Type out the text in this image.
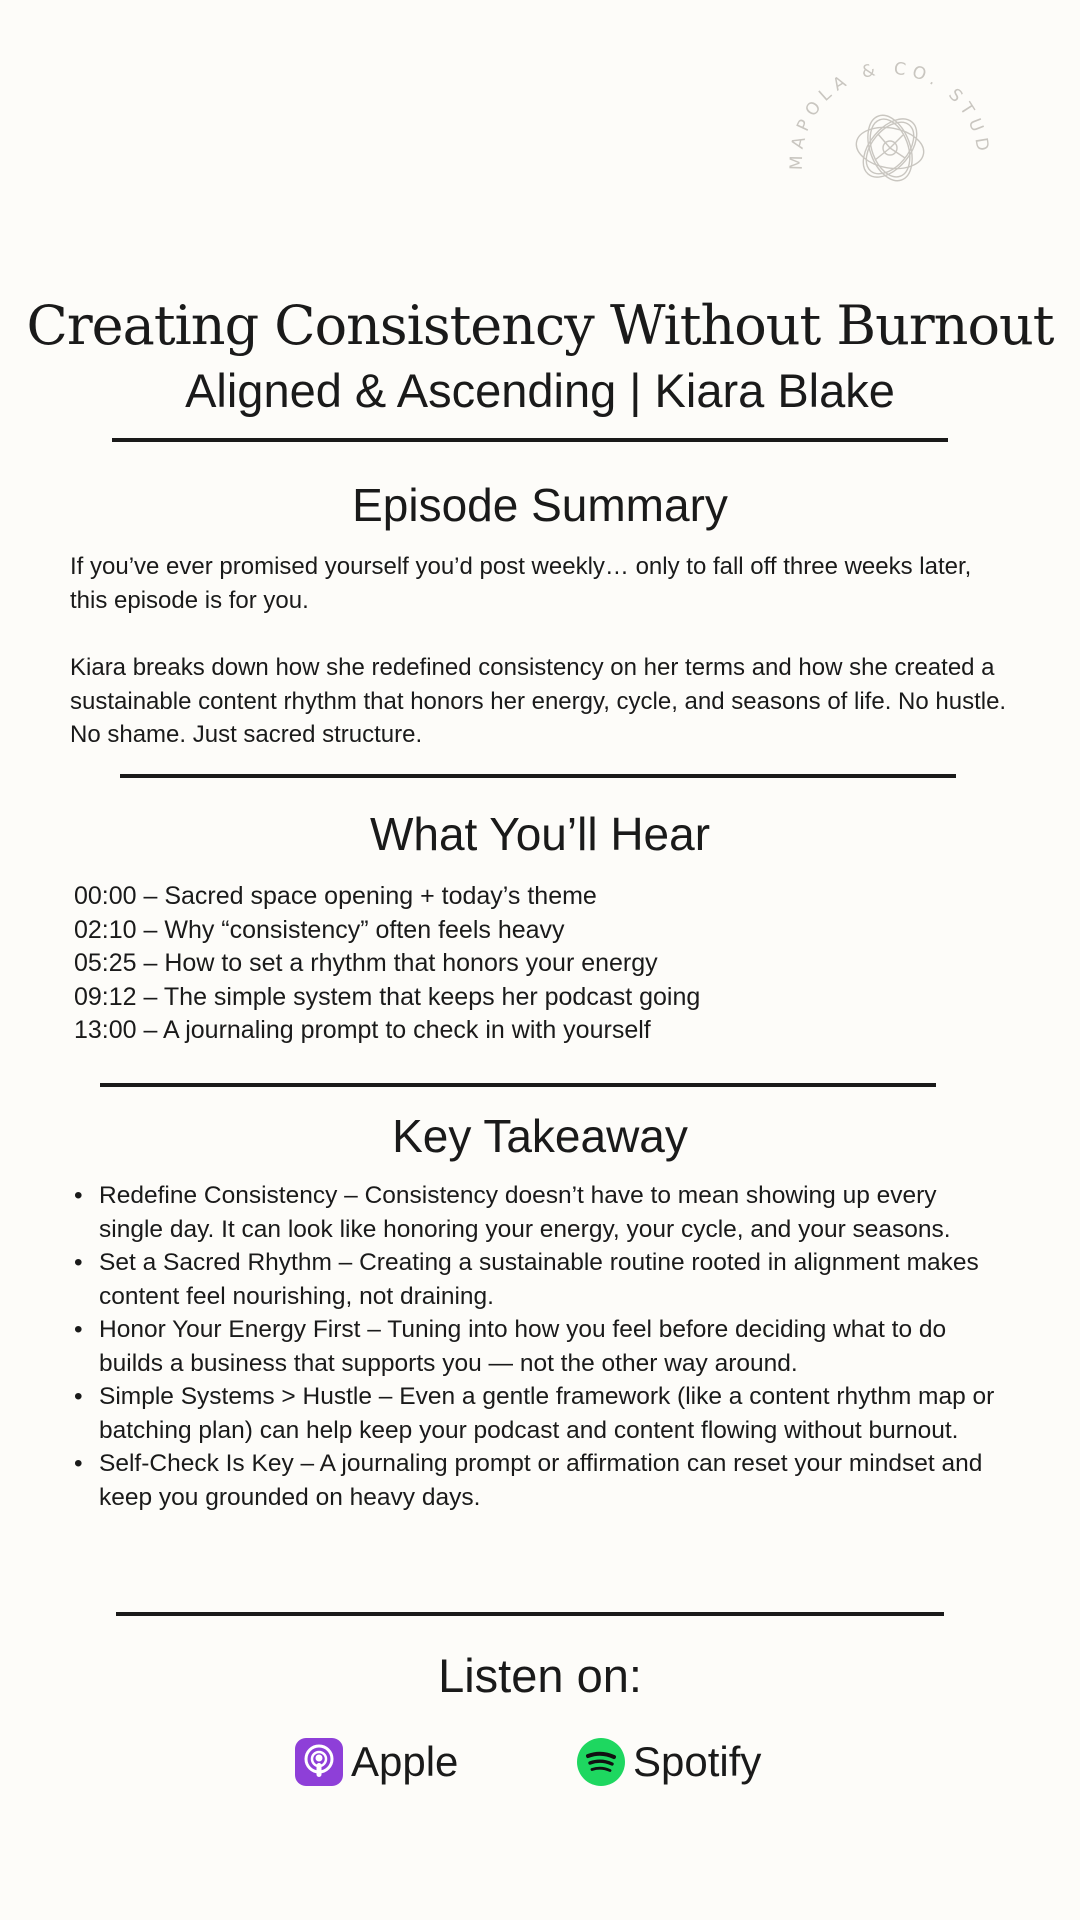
MAPOLA & CO. STUD
Creating Consistency Without Burnout
Aligned & Ascending | Kiara Blake
Episode Summary

If you’ve ever promised yourself you’d post weekly… only to fall off three weeks later, this episode is for you.

Kiara breaks down how she redefined consistency on her terms and how she created a sustainable content rhythm that honors her energy, cycle, and seasons of life. No hustle. No shame. Just sacred structure.

What You’ll Hear
00:00 – Sacred space opening + today’s theme
02:10 – Why “consistency” often feels heavy
05:25 – How to set a rhythm that honors your energy
09:12 – The simple system that keeps her podcast going
13:00 – A journaling prompt to check in with yourself
Key Takeaway
• Redefine Consistency – Consistency doesn’t have to mean showing up every single day. It can look like honoring your energy, your cycle, and your seasons.
• Set a Sacred Rhythm – Creating a sustainable routine rooted in alignment makes content feel nourishing, not draining.
• Honor Your Energy First – Tuning into how you feel before deciding what to do builds a business that supports you — not the other way around.
• Simple Systems > Hustle – Even a gentle framework (like a content rhythm map or batching plan) can help keep your podcast and content flowing without burnout.
• Self-Check Is Key – A journaling prompt or affirmation can reset your mindset and keep you grounded on heavy days.
Listen on:
Apple	Spotify
